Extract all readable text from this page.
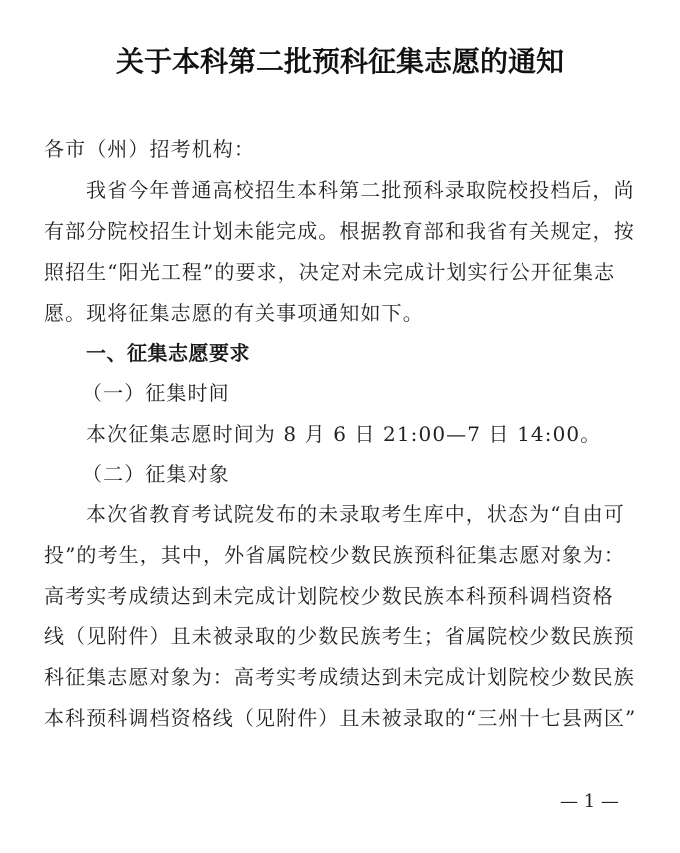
关于本科第二批预科征集志愿的通知
各市（州）招考机构：
我省今年普通高校招生本科第二批预科录取院校投档后，尚
有部分院校招生计划未能完成。根据教育部和我省有关规定，按
照招生“阳光工程”的要求，决定对未完成计划实行公开征集志
愿。现将征集志愿的有关事项通知如下。
一、征集志愿要求
（一）征集时间
本次征集志愿时间为 8 月 6 日 21:00—7 日 14:00。
（二）征集对象
本次省教育考试院发布的未录取考生库中，状态为“自由可
投”的考生，其中，外省属院校少数民族预科征集志愿对象为：
高考实考成绩达到未完成计划院校少数民族本科预科调档资格
线（见附件）且未被录取的少数民族考生；省属院校少数民族预
科征集志愿对象为：高考实考成绩达到未完成计划院校少数民族
本科预科调档资格线（见附件）且未被录取的“三州十七县两区”
— 1 —
